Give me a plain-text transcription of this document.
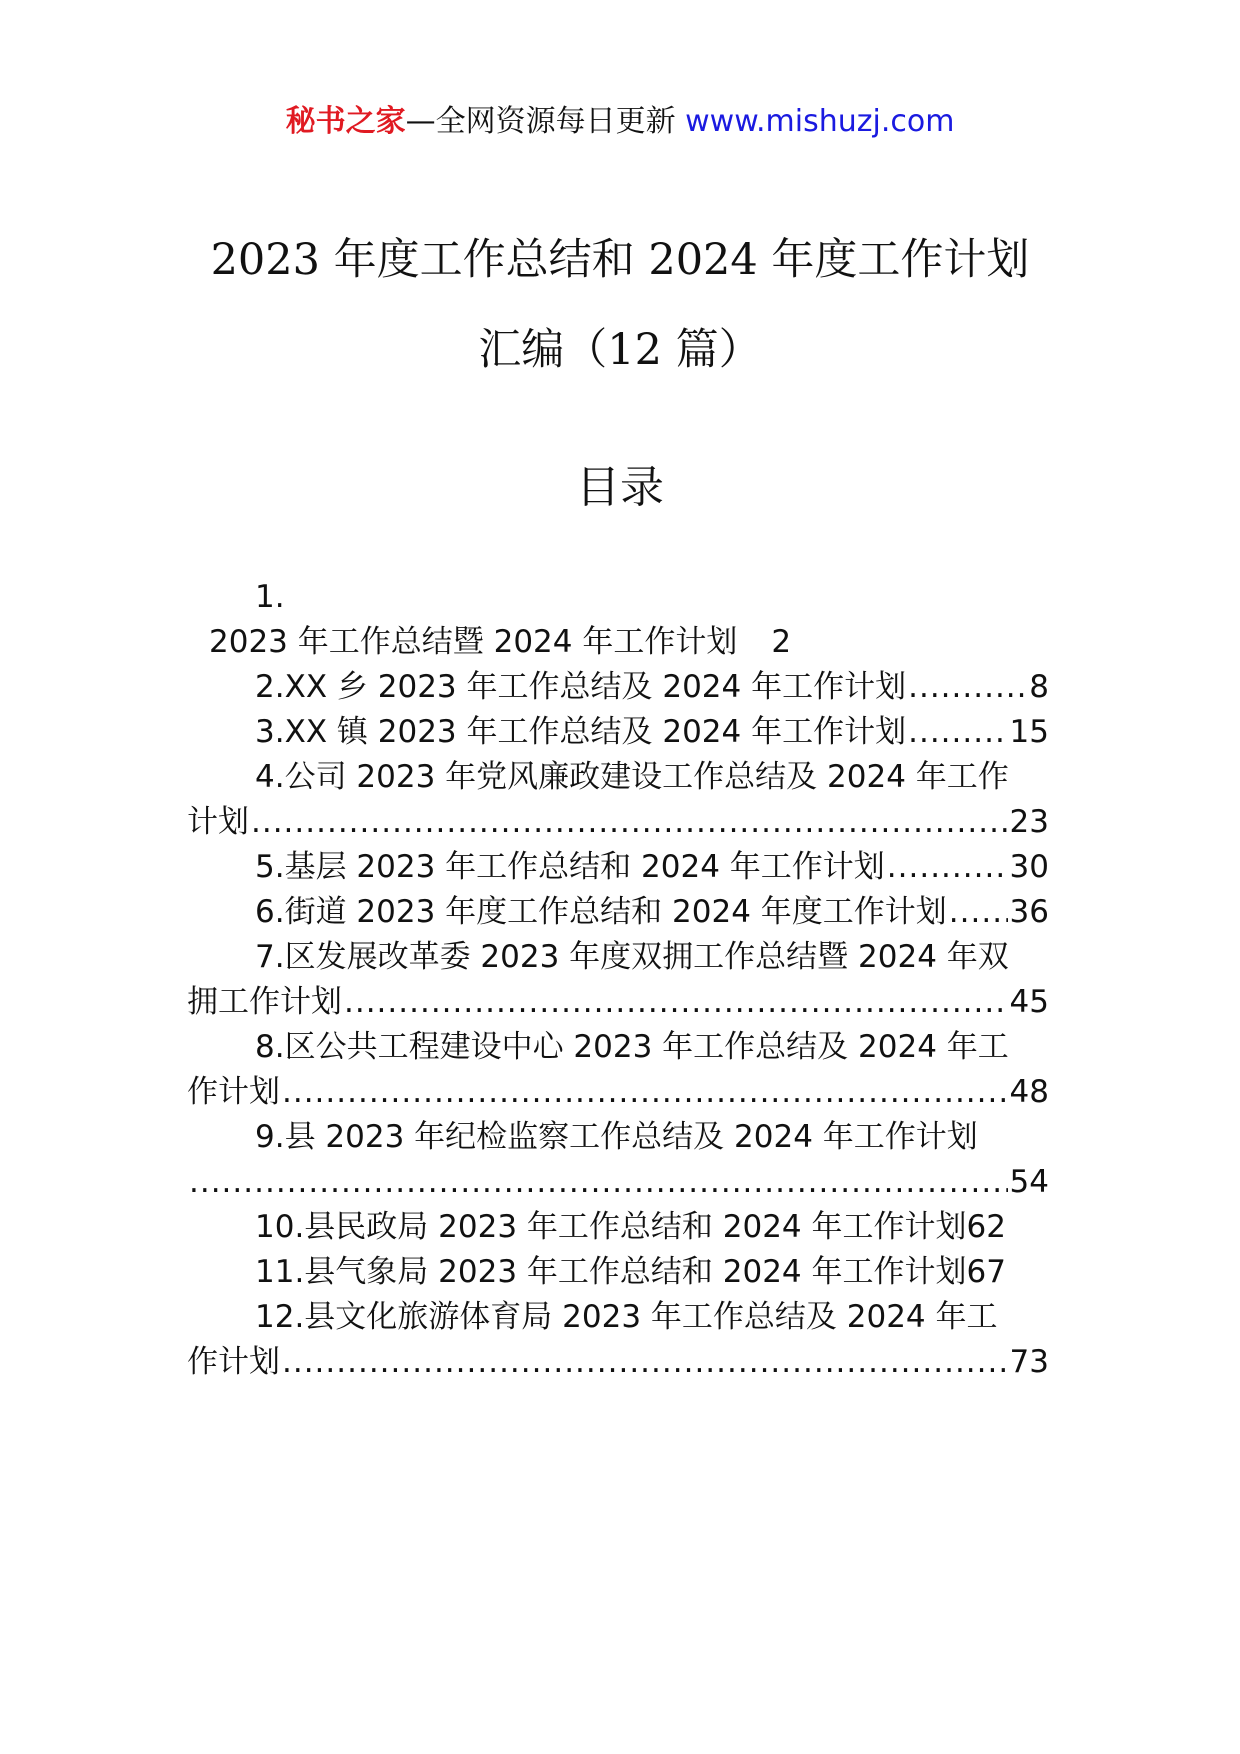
秘书之家—全网资源每日更新 www.mishuzj.com
2023 年度工作总结和 2024 年度工作计划
汇编（12 篇）
目录
1.
2023 年工作总结暨 2024 年工作计划 2
2.XX 乡 2023 年工作总结及 2024 年工作计划 .....	8
3.XX 镇 2023 年工作总结及 2024 年工作计划 .....	15
4.公司 2023 年党风廉政建设工作总结及 2024 年工作
计划 .....	23
5.基层 2023 年工作总结和 2024 年工作计划 .....	30
6.街道 2023 年度工作总结和 2024 年度工作计划 ..... 36
7.区发展改革委 2023 年度双拥工作总结暨 2024 年双
拥工作计划 .....	45
8.区公共工程建设中心 2023 年工作总结及 2024 年工
作计划 .....	48
9.县 2023 年纪检监察工作总结及 2024 年工作计划
.....
54
10.县民政局 2023 年工作总结和 2024 年工作计划 62
11.县气象局 2023 年工作总结和 2024 年工作计划 67
12.县文化旅游体育局 2023 年工作总结及 2024 年工
作计划 .....	73
